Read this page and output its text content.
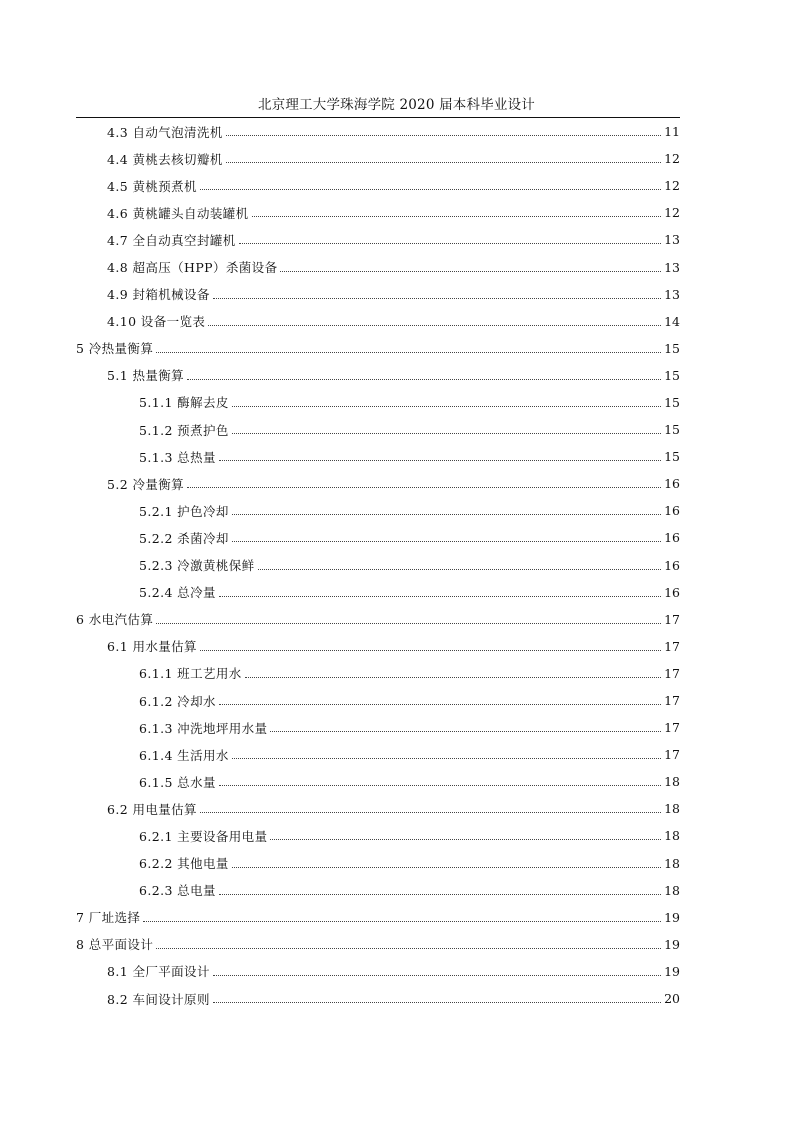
北京理工大学珠海学院 2020 届本科毕业设计
4.3 自动气泡清洗机	11
4.4 黄桃去核切瓣机	12
4.5 黄桃预煮机	12
4.6 黄桃罐头自动装罐机	12
4.7 全自动真空封罐机	13
4.8 超高压（HPP）杀菌设备	13
4.9 封箱机械设备	13
4.10 设备一览表	14
5 冷热量衡算	15
5.1 热量衡算	15
5.1.1 酶解去皮	15
5.1.2 预煮护色	15
5.1.3 总热量	15
5.2 冷量衡算	16
5.2.1 护色冷却	16
5.2.2 杀菌冷却	16
5.2.3 冷激黄桃保鲜	16
5.2.4 总冷量	16
6 水电汽估算	17
6.1 用水量估算	17
6.1.1 班工艺用水	17
6.1.2 冷却水	17
6.1.3 冲洗地坪用水量	17
6.1.4 生活用水	17
6.1.5 总水量	18
6.2 用电量估算	18
6.2.1 主要设备用电量	18
6.2.2 其他电量	18
6.2.3 总电量	18
7 厂址选择	19
8 总平面设计	19
8.1 全厂平面设计	19
8.2 车间设计原则	20
